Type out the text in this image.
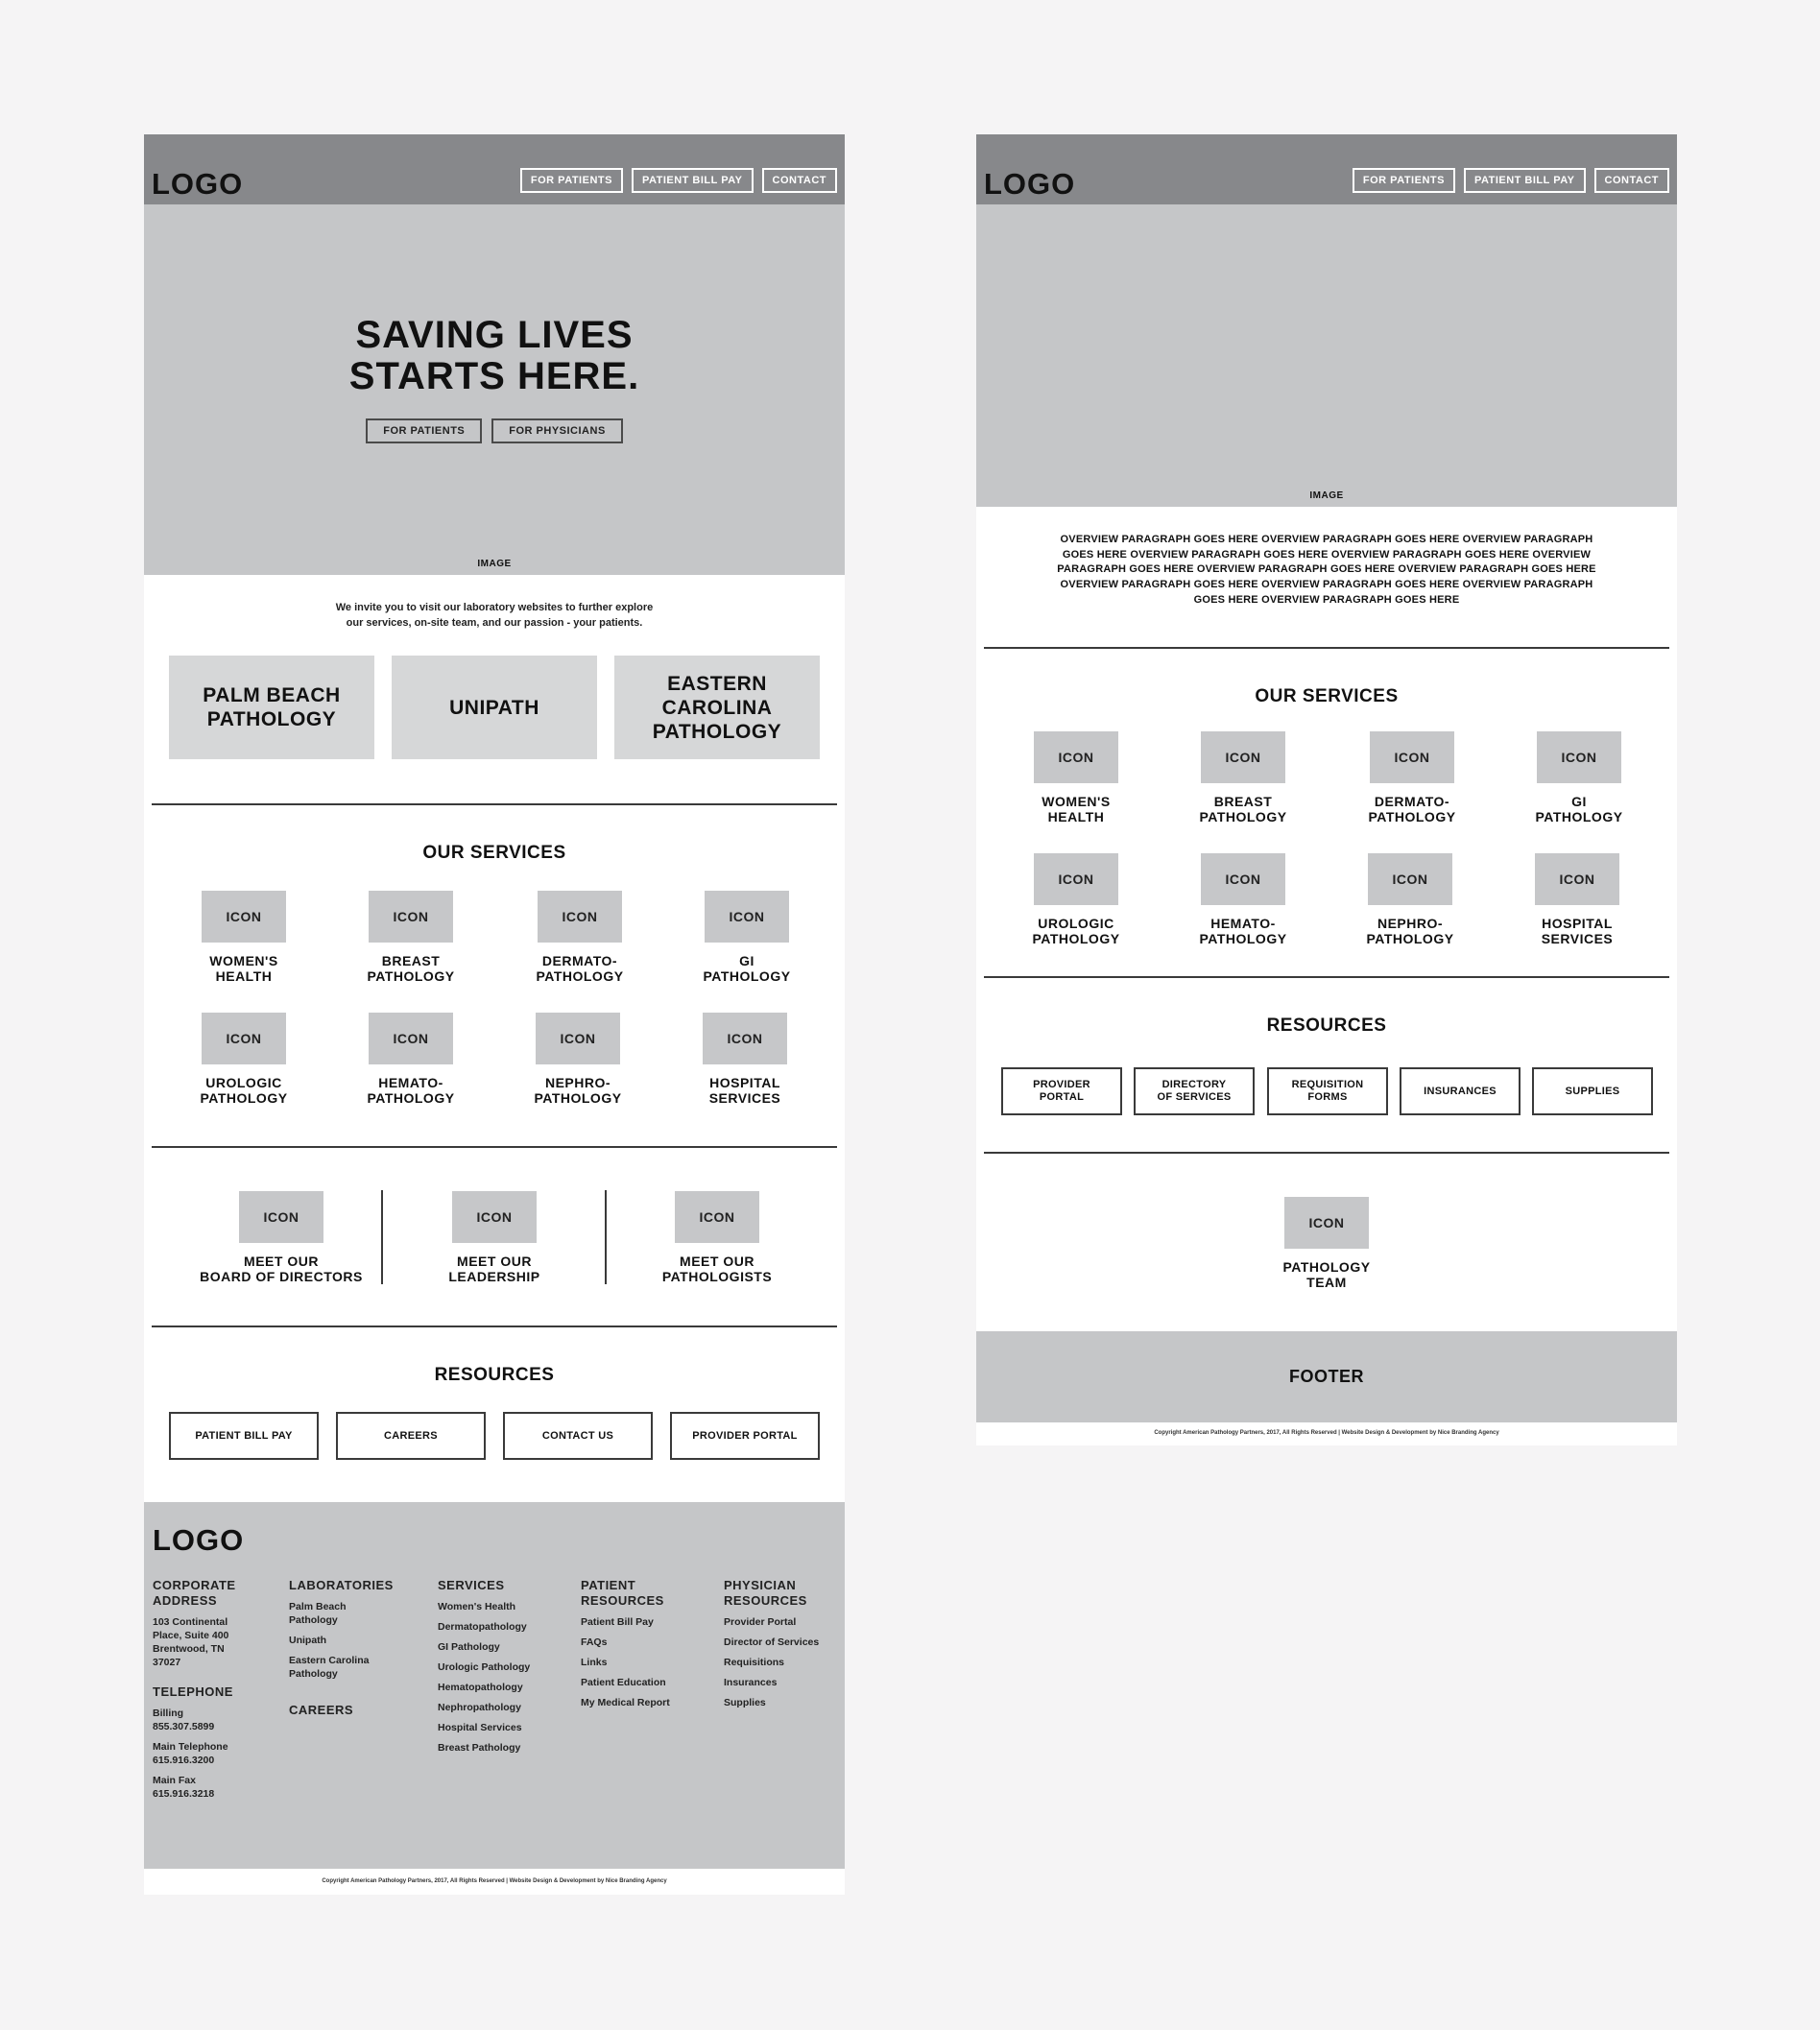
LOGO	FOR PATIENTS	PATIENT BILL PAY	CONTACT
SAVING LIVES
STARTS HERE.
FOR PATIENTS	FOR PHYSICIANS
IMAGE
We invite you to visit our laboratory websites to further explore
our services, on-site team, and our passion - your patients.
PALM BEACH
PATHOLOGY
UNIPATH
EASTERN
CAROLINA
PATHOLOGY
OUR SERVICES
ICON
WOMEN'S
HEALTH
ICON
BREAST
PATHOLOGY
ICON
DERMATO-
PATHOLOGY
ICON
GI
PATHOLOGY
ICON
UROLOGIC
PATHOLOGY
ICON
HEMATO-
PATHOLOGY
ICON
NEPHRO-
PATHOLOGY
ICON
HOSPITAL
SERVICES
ICON
MEET OUR
BOARD OF DIRECTORS
ICON
MEET OUR
LEADERSHIP
ICON
MEET OUR
PATHOLOGISTS
RESOURCES
PATIENT BILL PAY	CAREERS	CONTACT US	PROVIDER PORTAL
LOGO
CORPORATE
ADDRESS
103 Continental
Place, Suite 400
Brentwood, TN
37027
TELEPHONE
Billing
855.307.5899
Main Telephone
615.916.3200
Main Fax
615.916.3218
LABORATORIES
Palm Beach
Pathology
Unipath
Eastern Carolina
Pathology
CAREERS
SERVICES
Women's Health
Dermatopathology
GI Pathology
Urologic Pathology
Hematopathology
Nephropathology
Hospital Services
Breast Pathology
PATIENT
RESOURCES
Patient Bill Pay
FAQs
Links
Patient Education
My Medical Report
PHYSICIAN
RESOURCES
Provider Portal
Director of Services
Requisitions
Insurances
Supplies
Copyright American Pathology Partners, 2017, All Rights Reserved | Website Design & Development by Nice Branding Agency
LOGO	FOR PATIENTS	PATIENT BILL PAY	CONTACT
IMAGE
OVERVIEW PARAGRAPH GOES HERE OVERVIEW PARAGRAPH GOES HERE OVERVIEW PARAGRAPH
GOES HERE OVERVIEW PARAGRAPH GOES HERE OVERVIEW PARAGRAPH GOES HERE OVERVIEW
PARAGRAPH GOES HERE OVERVIEW PARAGRAPH GOES HERE OVERVIEW PARAGRAPH GOES HERE
OVERVIEW PARAGRAPH GOES HERE OVERVIEW PARAGRAPH GOES HERE OVERVIEW PARAGRAPH
GOES HERE OVERVIEW PARAGRAPH GOES HERE
OUR SERVICES
ICON
WOMEN'S
HEALTH
ICON
BREAST
PATHOLOGY
ICON
DERMATO-
PATHOLOGY
ICON
GI
PATHOLOGY
ICON
UROLOGIC
PATHOLOGY
ICON
HEMATO-
PATHOLOGY
ICON
NEPHRO-
PATHOLOGY
ICON
HOSPITAL
SERVICES
RESOURCES
PROVIDER
PORTAL
DIRECTORY
OF SERVICES
REQUISITION
FORMS
INSURANCES	SUPPLIES
ICON
PATHOLOGY
TEAM
FOOTER
Copyright American Pathology Partners, 2017, All Rights Reserved | Website Design & Development by Nice Branding Agency
